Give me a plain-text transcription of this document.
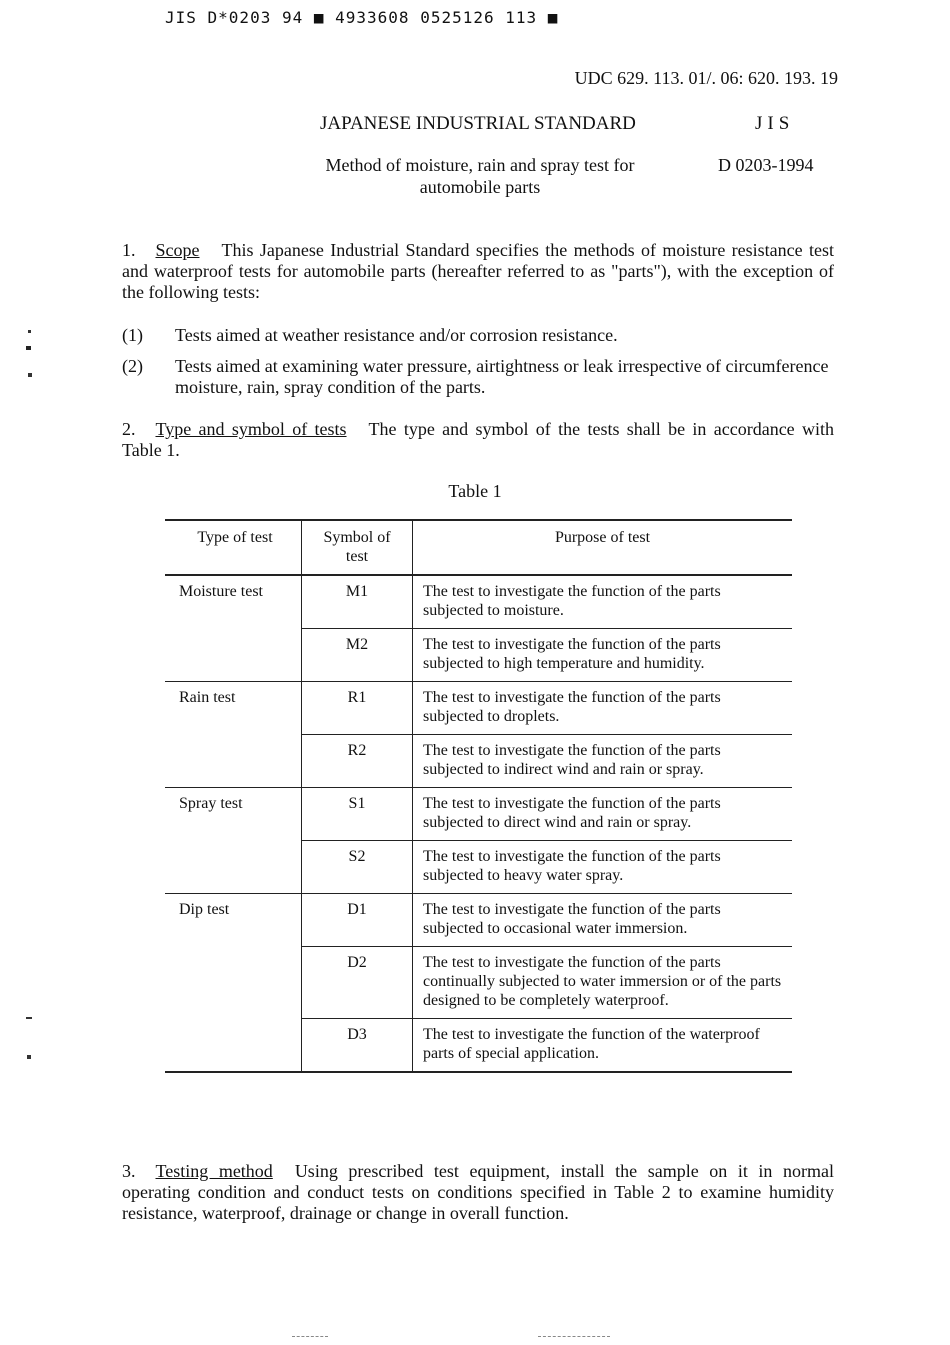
JIS D*0203 94 ■ 4933608 0525126 113 ■
UDC 629. 113. 01/. 06: 620. 193. 19
JAPANESE INDUSTRIAL STANDARD	JIS
Method of moisture, rain and spray test for automobile parts
D 0203-1994
1. Scope This Japanese Industrial Standard specifies the methods of moisture resistance test and waterproof tests for automobile parts (hereafter referred to as "parts"), with the exception of the following tests:
(1) Tests aimed at weather resistance and/or corrosion resistance.
(2) Tests aimed at examining water pressure, airtightness or leak irrespective of circumference moisture, rain, spray condition of the parts.
2. Type and symbol of tests The type and symbol of the tests shall be in accordance with Table 1.
Table 1
Type of test	Symbol of test	Purpose of test
Moisture test	M1	The test to investigate the function of the parts subjected to moisture.
	M2	The test to investigate the function of the parts subjected to high temperature and humidity.
Rain test	R1	The test to investigate the function of the parts subjected to droplets.
	R2	The test to investigate the function of the parts subjected to indirect wind and rain or spray.
Spray test	S1	The test to investigate the function of the parts subjected to direct wind and rain or spray.
	S2	The test to investigate the function of the parts subjected to heavy water spray.
Dip test	D1	The test to investigate the function of the parts subjected to occasional water immersion.
	D2	The test to investigate the function of the parts continually subjected to water immersion or of the parts designed to be completely waterproof.
	D3	The test to investigate the function of the waterproof parts of special application.
3. Testing method Using prescribed test equipment, install the sample on it in normal operating condition and conduct tests on conditions specified in Table 2 to examine humidity resistance, waterproof, drainage or change in overall function.
